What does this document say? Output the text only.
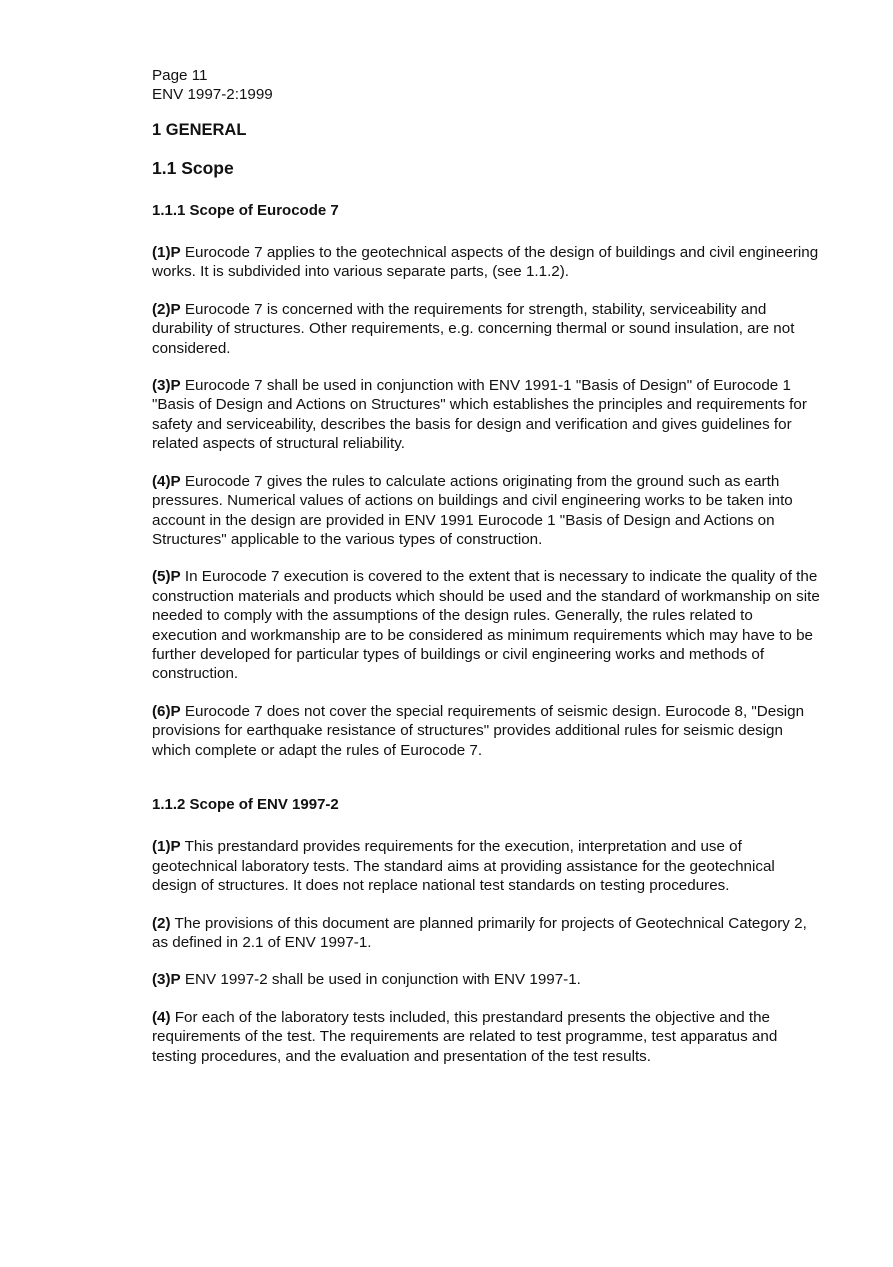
Page 11

ENV 1997-2:1999

1 GENERAL
1.1 Scope
1.1.1 Scope of Eurocode 7

(1)P Eurocode 7 applies to the geotechnical aspects of the design of buildings and civil engineering works. It is subdivided into various separate parts, (see 1.1.2).

(2)P Eurocode 7 is concerned with the requirements for strength, stability, serviceability and durability of structures. Other requirements, e.g. concerning thermal or sound insulation, are not considered.

(3)P Eurocode 7 shall be used in conjunction with ENV 1991-1 "Basis of Design" of Eurocode 1 "Basis of Design and Actions on Structures" which establishes the principles and requirements for safety and serviceability, describes the basis for design and verification and gives guidelines for related aspects of structural reliability.

(4)P Eurocode 7 gives the rules to calculate actions originating from the ground such as earth pressures. Numerical values of actions on buildings and civil engineering works to be taken into account in the design are provided in ENV 1991 Eurocode 1 "Basis of Design and Actions on Structures" applicable to the various types of construction.

(5)P In Eurocode 7 execution is covered to the extent that is necessary to indicate the quality of the construction materials and products which should be used and the standard of workmanship on site needed to comply with the assumptions of the design rules. Generally, the rules related to execution and workmanship are to be considered as minimum requirements which may have to be further developed for particular types of buildings or civil engineering works and methods of construction.

(6)P Eurocode 7 does not cover the special requirements of seismic design. Eurocode 8, "Design provisions for earthquake resistance of structures" provides additional rules for seismic design which complete or adapt the rules of Eurocode 7.

1.1.2 Scope of ENV 1997-2

(1)P This prestandard provides requirements for the execution, interpretation and use of geotechnical laboratory tests. The standard aims at providing assistance for the geotechnical design of structures. It does not replace national test standards on testing procedures.

(2) The provisions of this document are planned primarily for projects of Geotechnical Category 2, as defined in 2.1 of ENV 1997-1.

(3)P ENV 1997-2 shall be used in conjunction with ENV 1997-1.

(4) For each of the laboratory tests included, this prestandard presents the objective and the requirements of the test. The requirements are related to test programme, test apparatus and testing procedures, and the evaluation and presentation of the test results.
